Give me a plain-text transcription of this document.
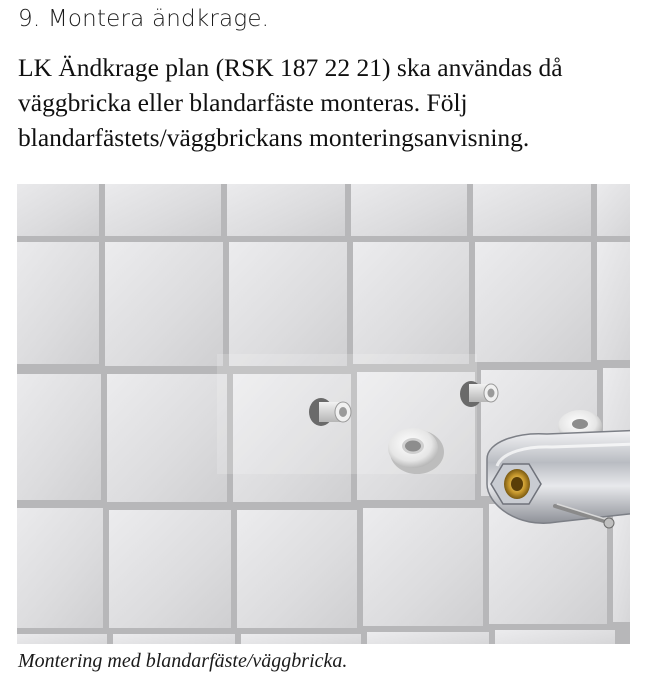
9. Montera ändkrage.

LK Ändkrage plan (RSK 187 22 21) ska användas då väggbricka eller blandarfäste monteras. Följ blandarfästets/väggbrickans monteringsanvisning.

Montering med blandarfäste/väggbricka.
